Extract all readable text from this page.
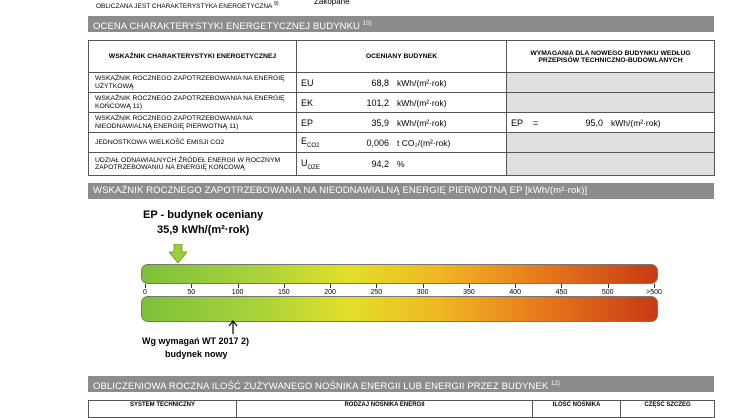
OBLICZANA JEST CHARAKTERYSTYKA ENERGETYCZNA $^{9)}$	Zakopane
OCENA CHARAKTERYSTYKI ENERGETYCZNEJ BUDYNKU $^{10)}$
WSKAŹNIK CHARAKTERYSTYKI ENERGETYCZNEJ	OCENIANY BUDYNEK	WYMAGANIA DLA NOWEGO BUDYNKU WEDŁUG PRZEPISÓW TECHNICZNO-BUDOWLANYCH
WSKAŹNIK ROCZNEGO ZAPOTRZEBOWANIA NA ENERGIĘ UŻYTKOWĄ	EU 68,8 kWh/(m²·rok)	

WSKAŹNIK ROCZNEGO ZAPOTRZEBOWANIA NA ENERGIĘ KOŃCOWĄ 11)	EK 101,2 kWh/(m²·rok)	

WSKAŹNIK ROCZNEGO ZAPOTRZEBOWANIA NA NIEODNAWIALNĄ ENERGIĘ PIERWOTNĄ 11)	EP 35,9 kWh/(m²·rok)	EP = 95,0 kWh/(m²·rok)

JEDNOSTKOWA WIELKOŚĆ EMISJI CO2	$E_{CO2}$ 0,006 t CO₂/(m²·rok)	

UDZIAŁ ODNAWIALNYCH ŹRÓDEŁ ENERGII W ROCZNYM ZAPOTRZEBOWANIU NA ENERGIĘ KOŃCOWĄ	$U_{OZE}$ 94,2 %	

WSKAŹNIK ROCZNEGO ZAPOTRZEBOWANIA NA NIEODNAWIALNĄ ENERGIĘ PIERWOTNĄ EP [kWh/(m²·rok)]
EP - budynek oceniany
35,9 kWh/(m²·rok)
0	50	100	150	200	250	300	350	400	450	500	>500
Wg wymagań WT 2017 2)
budynek nowy
OBLICZENIOWA ROCZNA ILOŚĆ ZUŻYWANEGO NOŚNIKA ENERGII LUB ENERGII PRZEZ BUDYNEK $^{12)}$
SYSTEM TECHNICZNY	RODZAJ NOŚNIKA ENERGII	ILOŚĆ NOŚNIKA	CZĘŚĆ SZCZEG
